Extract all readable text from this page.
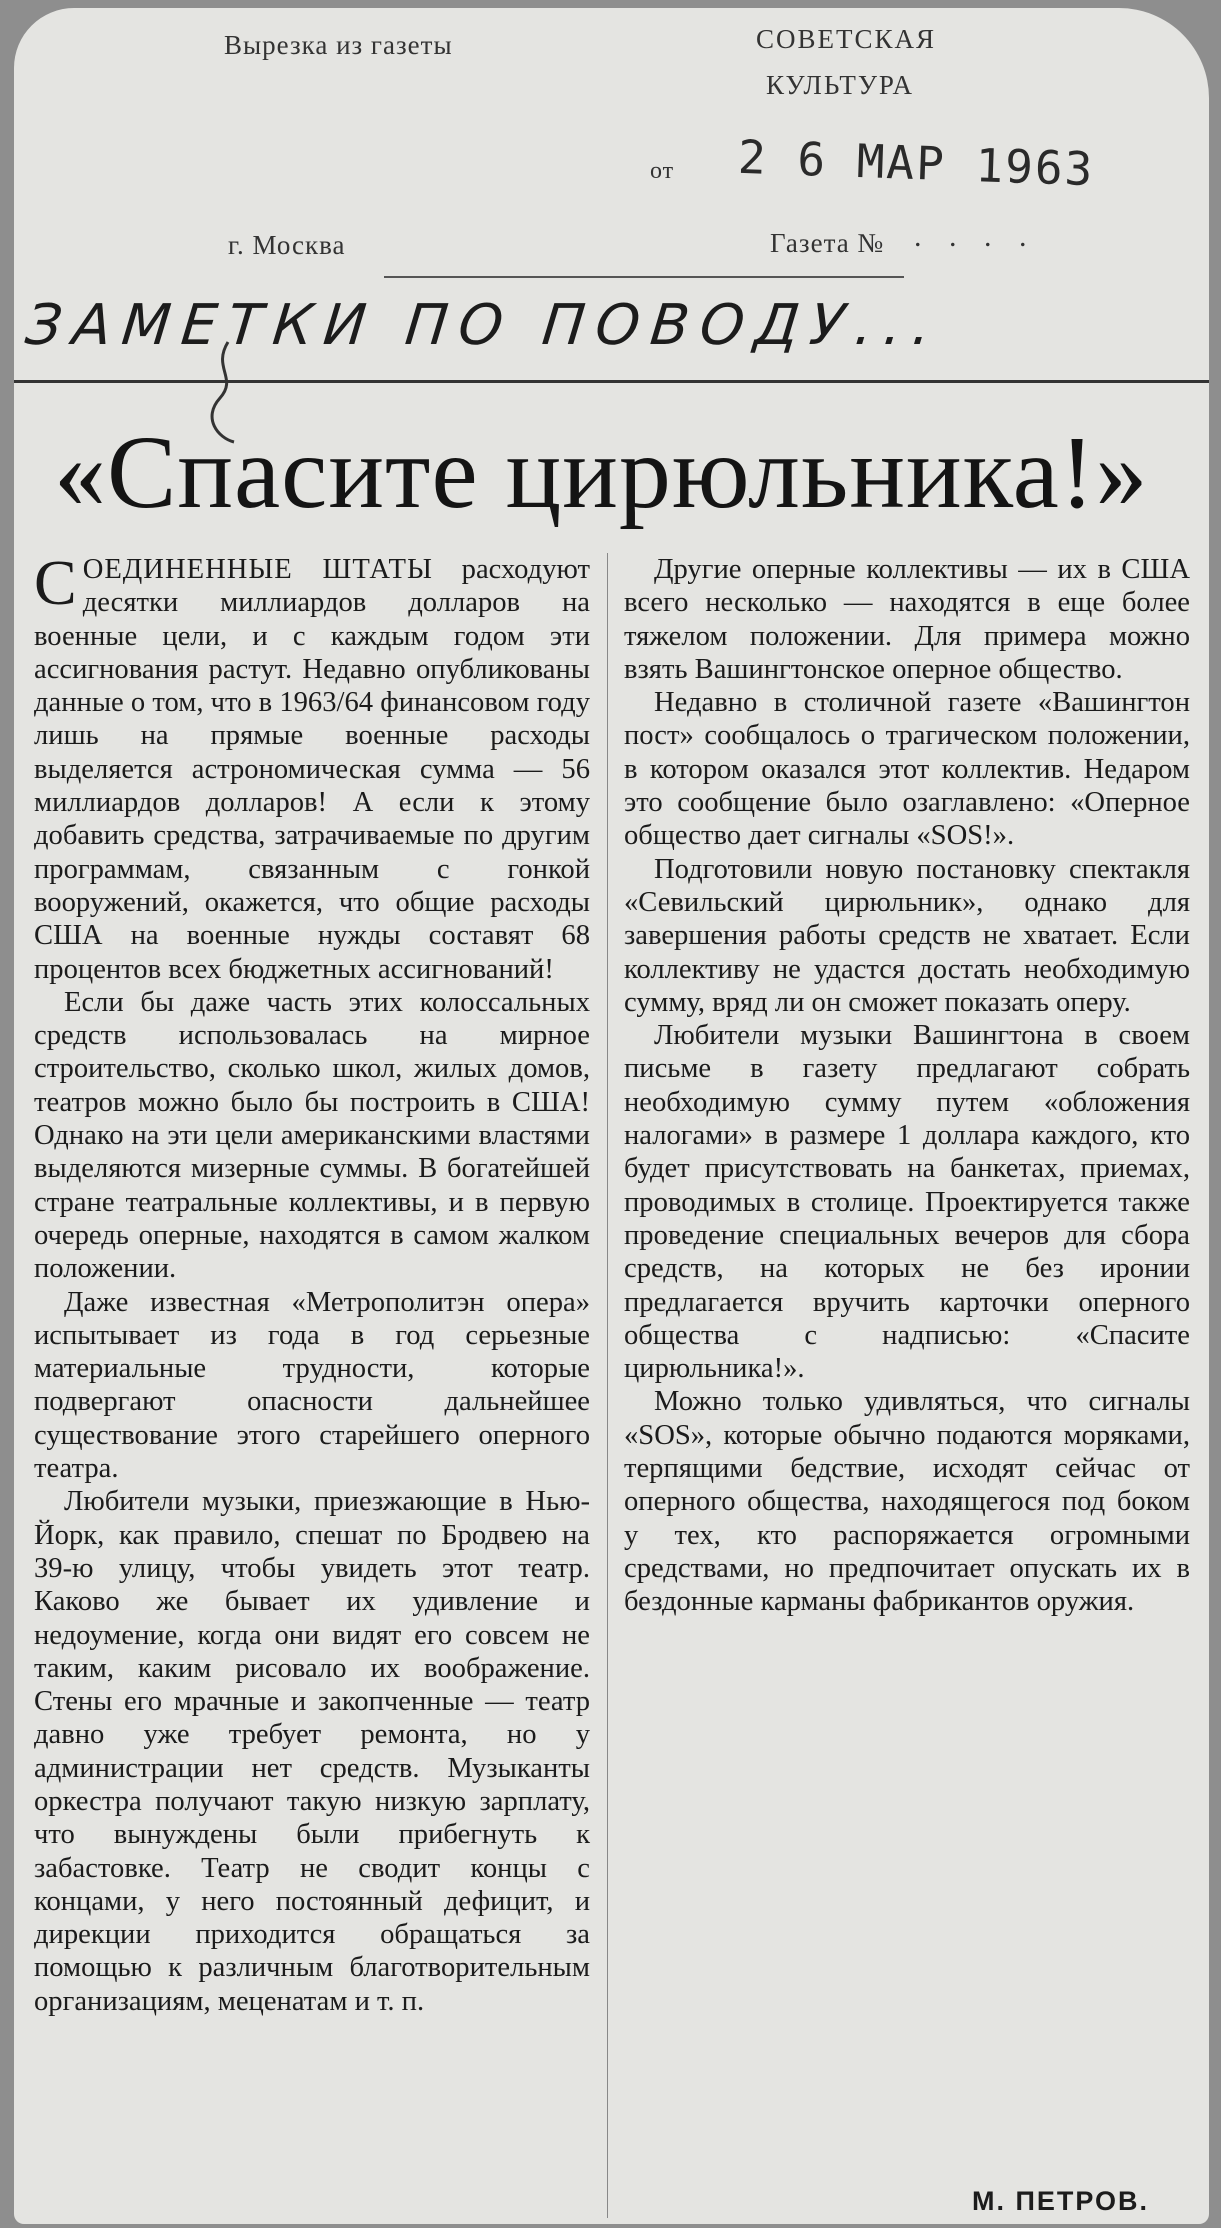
Вырезка из газеты	СОВЕТСКАЯ
КУЛЬТУРА
от 2 6 МАР 1963
г. Москва	Газета № . . . .
ЗАМЕТКИ ПО ПОВОДУ...
«Спасите цирюльника!»

СОЕДИНЕННЫЕ ШТАТЫ расходуют десятки миллиардов долларов на военные цели, и с каждым годом эти ассигнования растут. Недавно опубликованы данные о том, что в 1963/64 финансовом году лишь на прямые военные расходы выделяется астрономическая сумма — 56 миллиардов долларов! А если к этому добавить средства, затрачиваемые по другим программам, связанным с гонкой вооружений, окажется, что общие расходы США на военные нужды составят 68 процентов всех бюджетных ассигнований!

Если бы даже часть этих колоссальных средств использовалась на мирное строительство, сколько школ, жилых домов, театров можно было бы построить в США! Однако на эти цели американскими властями выделяются мизерные суммы. В богатейшей стране театральные коллективы, и в первую очередь оперные, находятся в самом жалком положении.

Даже известная «Метрополитэн опера» испытывает из года в год серьезные материальные трудности, которые подвергают опасности дальнейшее существование этого старейшего оперного театра.

Любители музыки, приезжающие в Нью-Йорк, как правило, спешат по Бродвею на 39-ю улицу, чтобы увидеть этот театр. Каково же бывает их удивление и недоумение, когда они видят его совсем не таким, каким рисовало их воображение. Стены его мрачные и закопченные — театр давно уже требует ремонта, но у администрации нет средств. Музыканты оркестра получают такую низкую зарплату, что вынуждены были прибегнуть к забастовке. Театр не сводит концы с концами, у него постоянный дефицит, и дирекции приходится обращаться за помощью к различным благотворительным организациям, меценатам и т. п.

Другие оперные коллективы — их в США всего несколько — находятся в еще более тяжелом положении. Для примера можно взять Вашингтонское оперное общество.

Недавно в столичной газете «Вашингтон пост» сообщалось о трагическом положении, в котором оказался этот коллектив. Недаром это сообщение было озаглавлено: «Оперное общество дает сигналы «SOS!».

Подготовили новую постановку спектакля «Севильский цирюльник», однако для завершения работы средств не хватает. Если коллективу не удастся достать необходимую сумму, вряд ли он сможет показать оперу.

Любители музыки Вашингтона в своем письме в газету предлагают собрать необходимую сумму путем «обложения налогами» в размере 1 доллара каждого, кто будет присутствовать на банкетах, приемах, проводимых в столице. Проектируется также проведение специальных вечеров для сбора средств, на которых не без иронии предлагается вручить карточки оперного общества с надписью: «Спасите цирюльника!».

Можно только удивляться, что сигналы «SOS», которые обычно подаются моряками, терпящими бедствие, исходят сейчас от оперного общества, находящегося под боком у тех, кто распоряжается огромными средствами, но предпочитает опускать их в бездонные карманы фабрикантов оружия.

М. ПЕТРОВ.
